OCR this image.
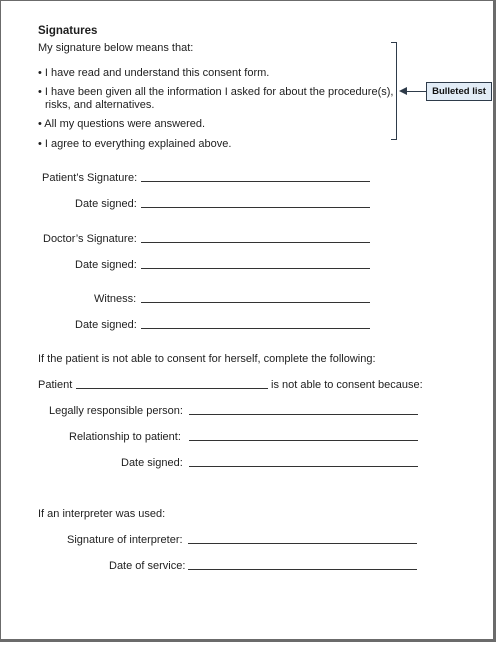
Signatures
My signature below means that:
• I have read and understand this consent form.
• I have been given all the information I asked for about the procedure(s),
risks, and alternatives.
• All my questions were answered.
• I agree to everything explained above.
Bulleted list
Patient’s Signature:
Date signed:
Doctor’s Signature:
Date signed:
Witness:
Date signed:
If the patient is not able to consent for herself, complete the following:
Patient	is not able to consent because:
Legally responsible person:
Relationship to patient:
Date signed:
If an interpreter was used:
Signature of interpreter:
Date of service:
